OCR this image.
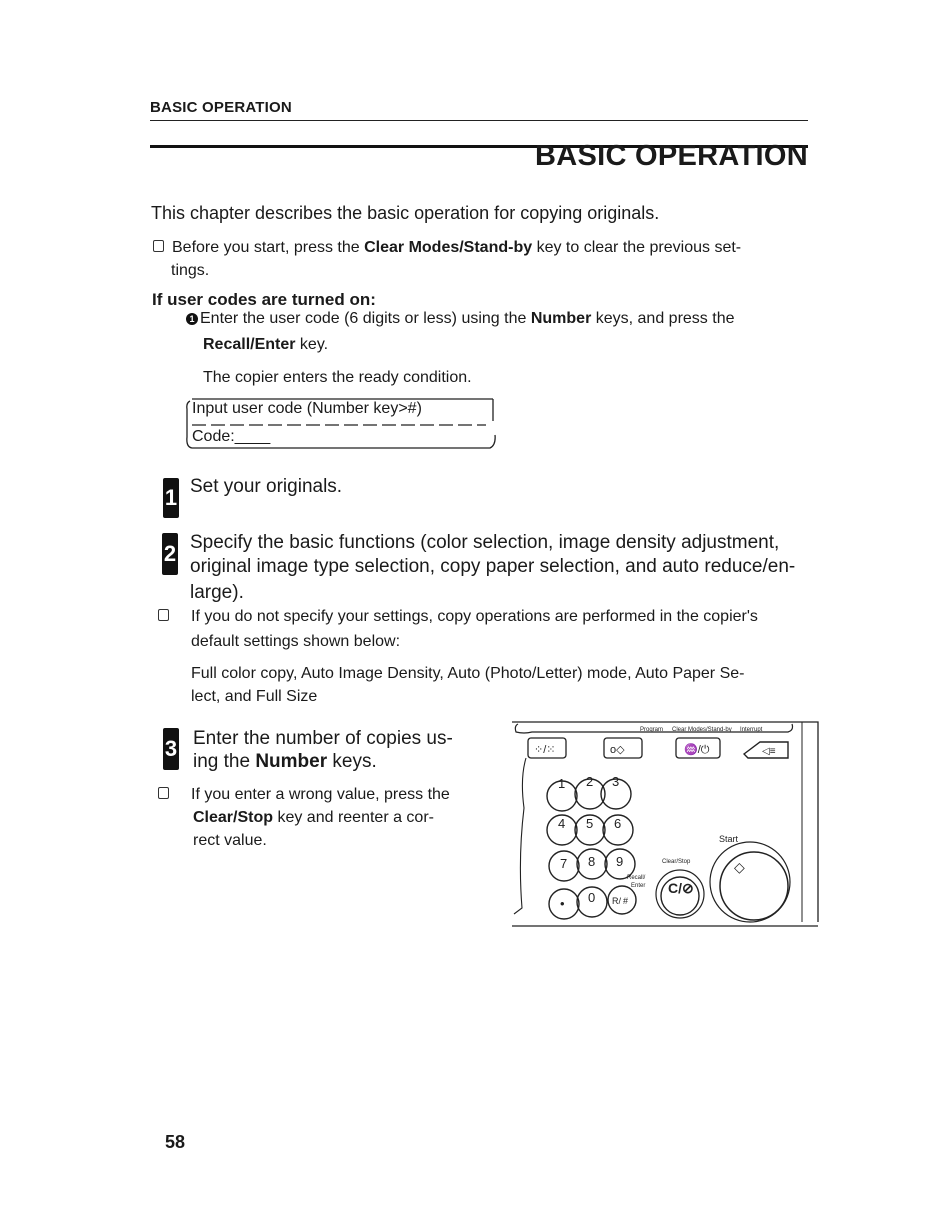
BASIC OPERATION
BASIC OPERATION
This chapter describes the basic operation for copying originals.
Before you start, press the Clear Modes/Stand-by key to clear the previous set-
tings.
If user codes are turned on:
1 Enter the user code (6 digits or less) using the Number keys, and press the
Recall/Enter key.
The copier enters the ready condition.
Input user code (Number key>#)
Code:____
1 Set your originals.
2 Specify the basic functions (color selection, image density adjustment,
original image type selection, copy paper selection, and auto reduce/en-
large).
If you do not specify your settings, copy operations are performed in the copier's
default settings shown below:
Full color copy, Auto Image Density, Auto (Photo/Letter) mode, Auto Paper Se-
lect, and Full Size
3 Enter the number of copies us-
ing the Number keys.
If you enter a wrong value, press the
Clear/Stop key and reenter a cor-
rect value.
Program Clear Modes/Stand-by Interrupt
⁘/⁙	o◇	♒/⏻	◁≡
1 2 3
4 5 6
7 8 9
• 0 R/ #
Recall/
Enter
Clear/Stop
C/⊘
Start
◇
58
